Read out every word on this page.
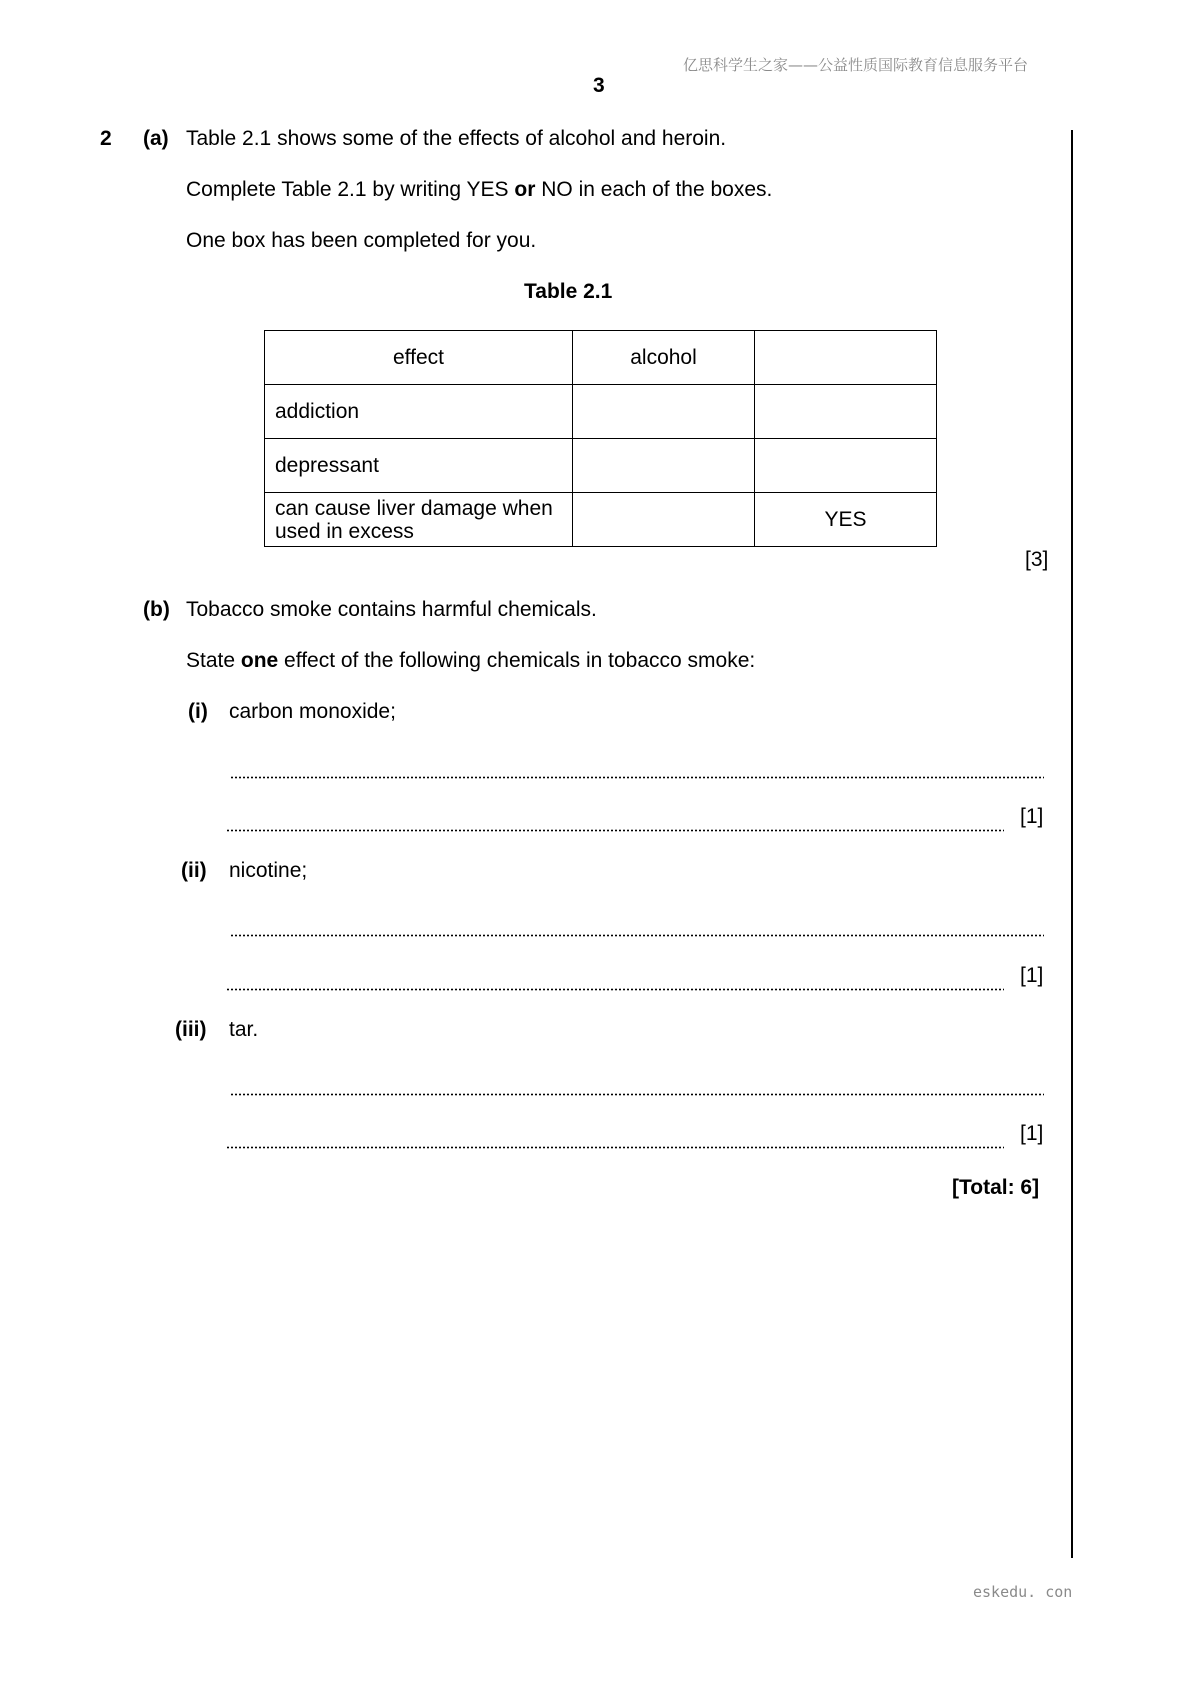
亿思科学生之家——公益性质国际教育信息服务平台
3
2 (a) Table 2.1 shows some of the effects of alcohol and heroin.
Complete Table 2.1 by writing YES or NO in each of the boxes.
One box has been completed for you.
Table 2.1
effect	alcohol	
addiction		
depressant		
can cause liver damage when used in excess		YES
[3]
(b) Tobacco smoke contains harmful chemicals.
State one effect of the following chemicals in tobacco smoke:
(i) carbon monoxide;
[1]
(ii) nicotine;
[1]
(iii) tar.
[1]
[Total: 6]
eskedu. con
